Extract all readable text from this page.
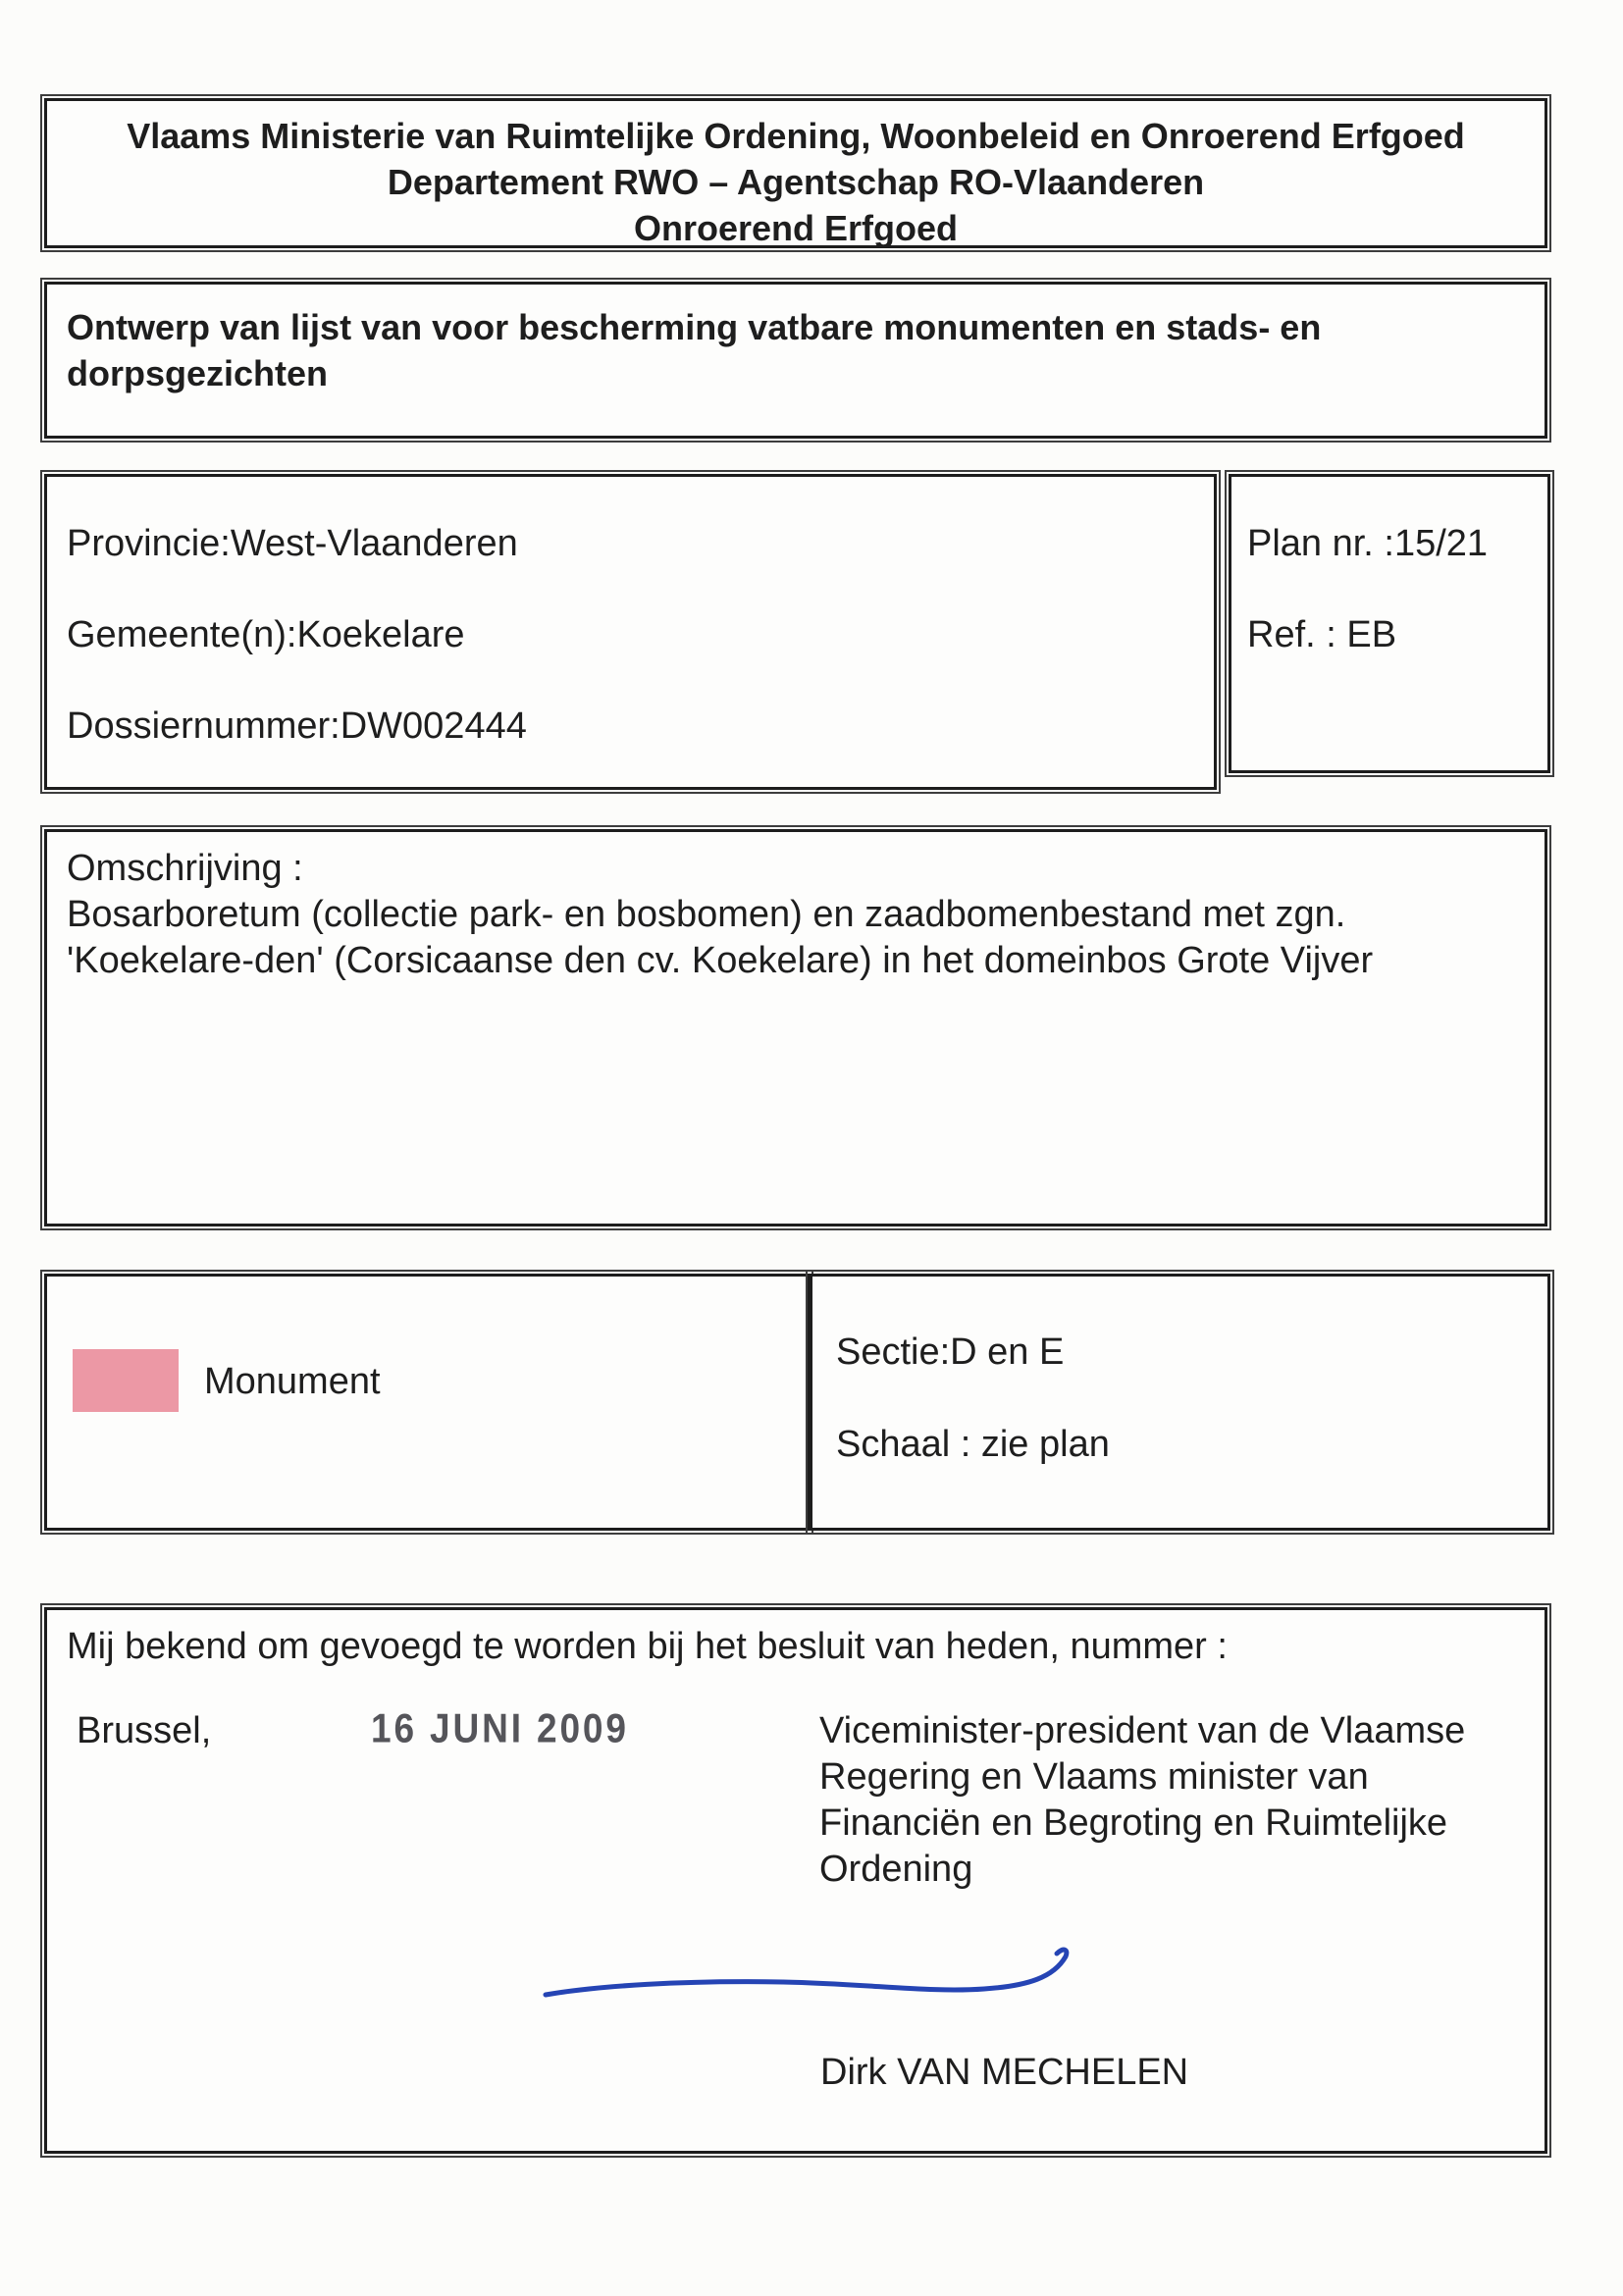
Vlaams Ministerie van Ruimtelijke Ordening, Woonbeleid en Onroerend Erfgoed
Departement RWO – Agentschap RO-Vlaanderen
Onroerend Erfgoed
Ontwerp van lijst van voor bescherming vatbare monumenten en stads- en
dorpsgezichten
Provincie:West-Vlaanderen
Gemeente(n):Koekelare
Dossiernummer:DW002444
Plan nr. :15/21
Ref. : EB
Omschrijving :
Bosarboretum (collectie park- en bosbomen) en zaadbomenbestand met zgn.
'Koekelare-den' (Corsicaanse den cv. Koekelare) in het domeinbos Grote Vijver
Monument
Sectie:D en E
Schaal : zie plan
Mij bekend om gevoegd te worden bij het besluit van heden, nummer :
Brussel,	16 JUNI 2009	Viceminister-president van de Vlaamse
Regering en Vlaams minister van
Financiën en Begroting en Ruimtelijke
Ordening
Dirk VAN MECHELEN
